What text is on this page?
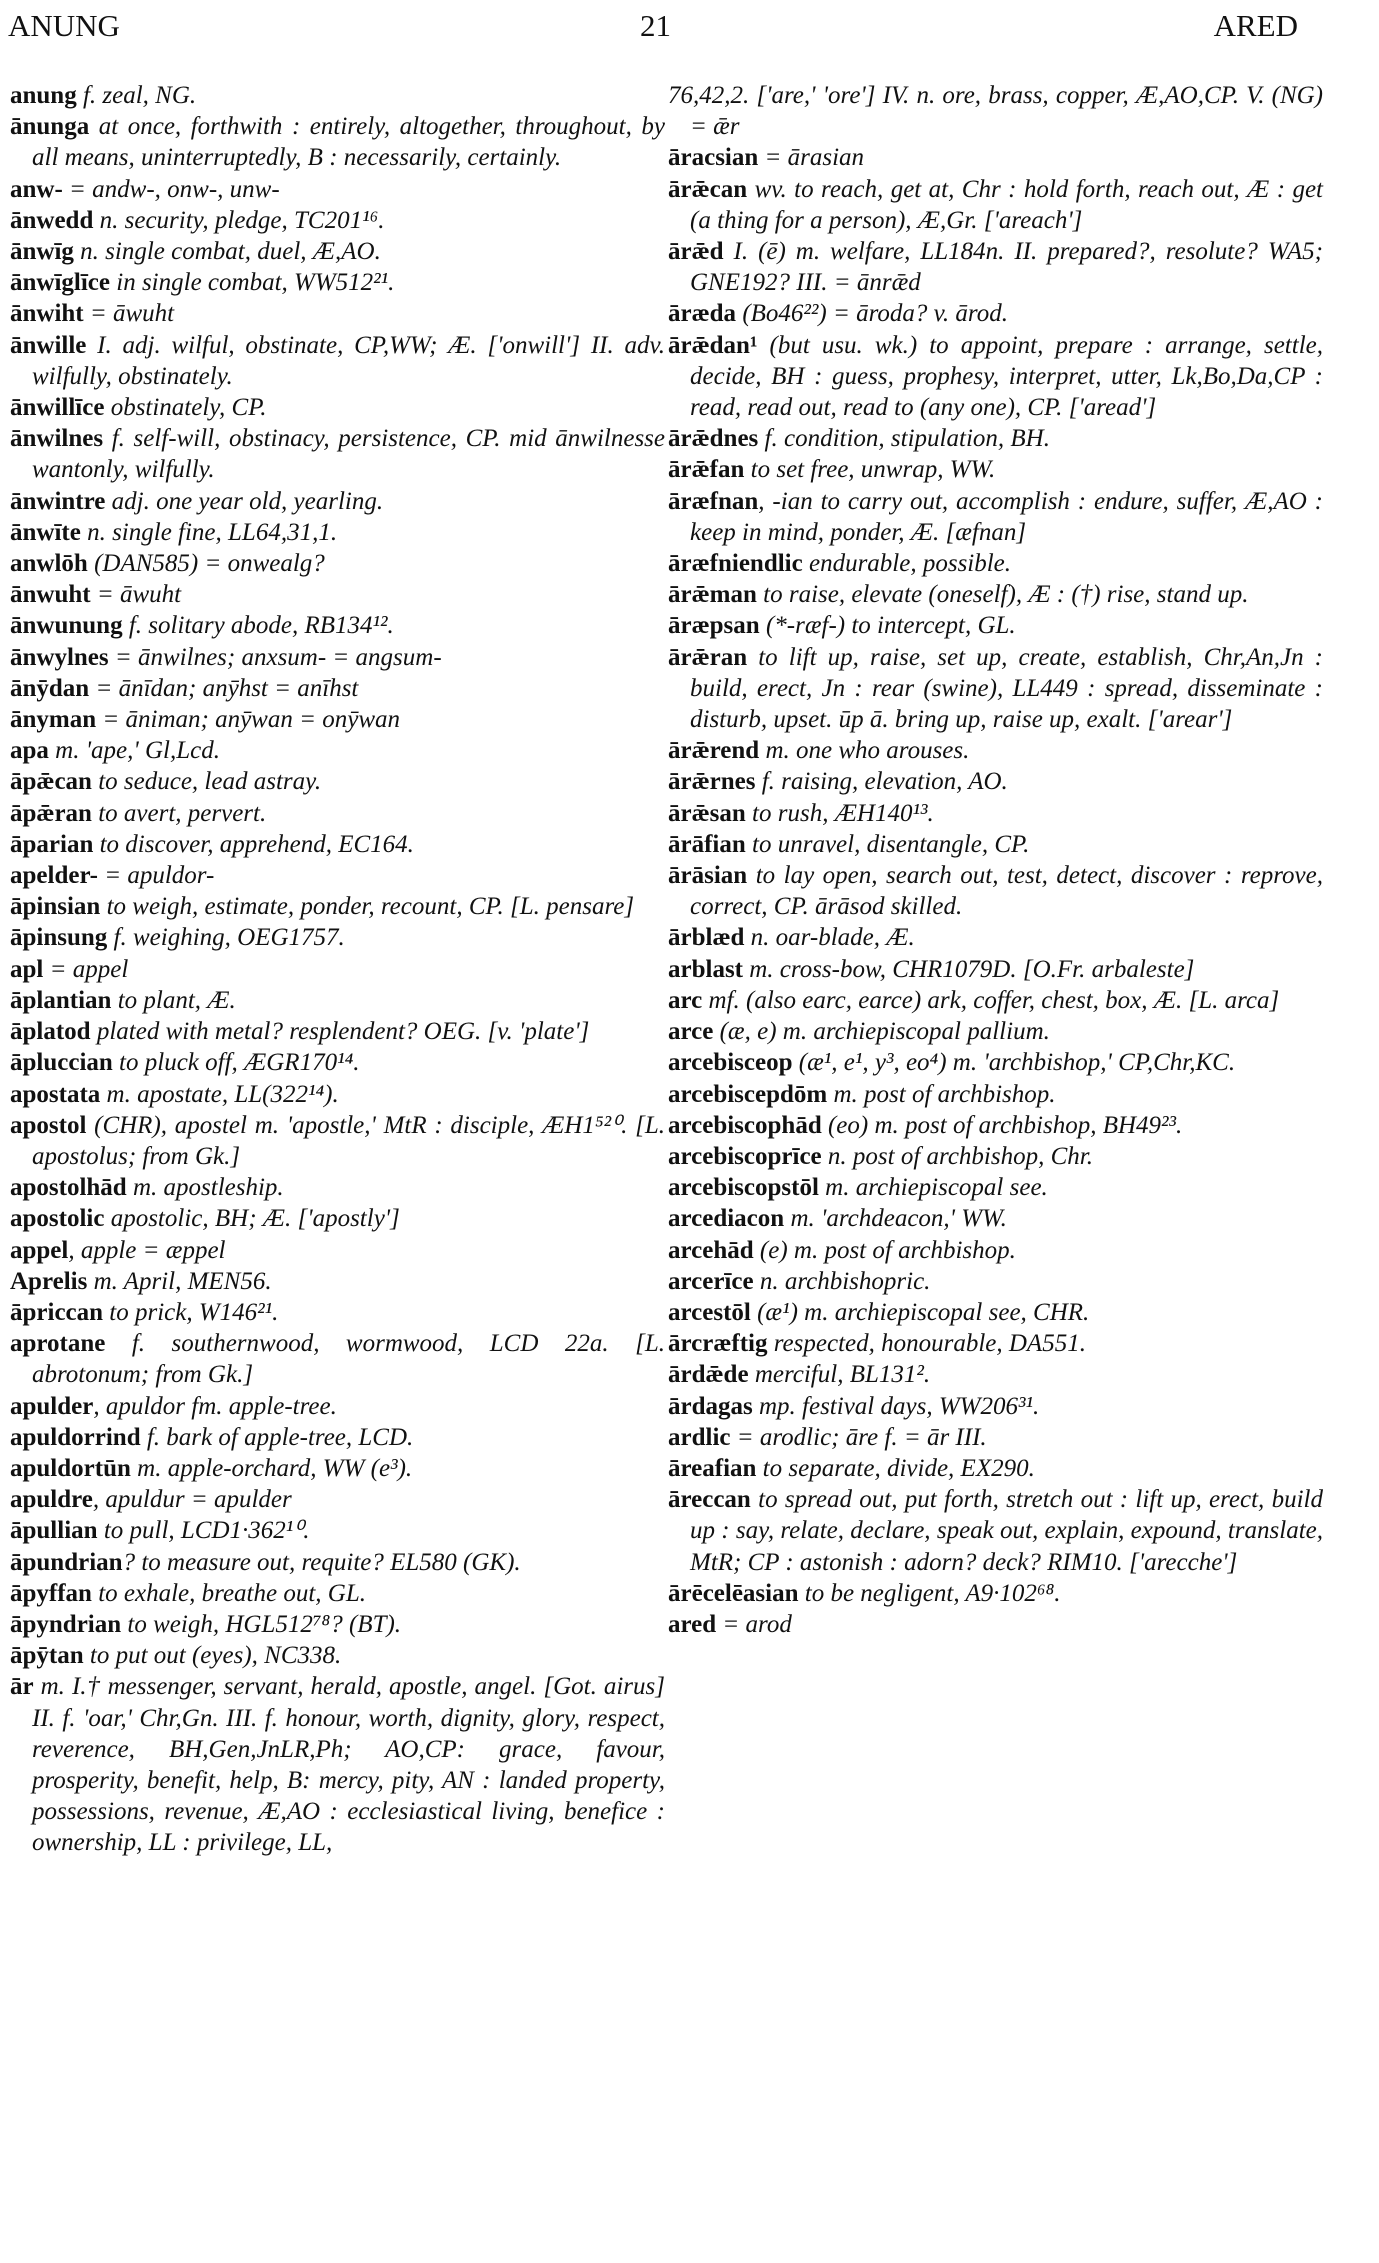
ANUNG	21	ARED
anung f. zeal, NG.
ānunga at once, forthwith : entirely, altogether, throughout, by all means, uninterruptedly, B : necessarily, certainly.
anw- = andw-, onw-, unw-
ānwedd n. security, pledge, TC201¹⁶.
ānwīg n. single combat, duel, Æ,AO.
ānwīglīce in single combat, WW512²¹.
ānwiht = āwuht
ānwille I. adj. wilful, obstinate, CP,WW; Æ. ['onwill'] II. adv. wilfully, obstinately.
ānwillīce obstinately, CP.
ānwilnes f. self-will, obstinacy, persistence, CP. mid ānwilnesse wantonly, wilfully.
ānwintre adj. one year old, yearling.
ānwīte n. single fine, LL64,31,1.
anwlōh (DAN585) = onwealg?
ānwuht = āwuht
ānwunung f. solitary abode, RB134¹².
ānwylnes = ānwilnes; anxsum- = angsum-
ānȳdan = ānīdan; anȳhst = anīhst
ānyman = āniman; anȳwan = onȳwan
apa m. 'ape,' Gl,Lcd.
āpǣcan to seduce, lead astray.
āpǣran to avert, pervert.
āparian to discover, apprehend, EC164.
apelder- = apuldor-
āpinsian to weigh, estimate, ponder, recount, CP. [L. pensare]
āpinsung f. weighing, OEG1757.
apl = appel
āplantian to plant, Æ.
āplatod plated with metal? resplendent? OEG. [v. 'plate']
āpluccian to pluck off, ÆGR170¹⁴.
apostata m. apostate, LL(322¹⁴).
apostol (CHR), apostel m. 'apostle,' MtR : disciple, ÆH1⁵²⁰. [L. apostolus; from Gk.]
apostolhād m. apostleship.
apostolic apostolic, BH; Æ. ['apostly']
appel, apple = æppel
Aprelis m. April, MEN56.
āpriccan to prick, W146²¹.
aprotane f. southernwood, wormwood, LCD 22a. [L. abrotonum; from Gk.]
apulder, apuldor fm. apple-tree.
apuldorrind f. bark of apple-tree, LCD.
apuldortūn m. apple-orchard, WW (e³).
apuldre, apuldur = apulder
āpullian to pull, LCD1·362¹⁰.
āpundrian? to measure out, requite? EL580 (GK).
āpyffan to exhale, breathe out, GL.
āpyndrian to weigh, HGL512⁷⁸? (BT).
āpȳtan to put out (eyes), NC338.
ār m. I.† messenger, servant, herald, apostle, angel. [Got. airus] II. f. 'oar,' Chr,Gn. III. f. honour, worth, dignity, glory, respect, reverence, BH,Gen,JnLR,Ph; AO,CP: grace, favour, prosperity, benefit, help, B: mercy, pity, AN : landed property, possessions, revenue, Æ,AO : ecclesiastical living, benefice : ownership, LL : privilege, LL,
76,42,2. ['are,' 'ore'] IV. n. ore, brass, copper, Æ,AO,CP. V. (NG) = ǣr
āracsian = ārasian
ārǣcan wv. to reach, get at, Chr : hold forth, reach out, Æ : get (a thing for a person), Æ,Gr. ['areach']
ārǣd I. (ē) m. welfare, LL184n. II. prepared?, resolute? WA5; GNE192? III. = ānrǣd
āræda (Bo46²²) = āroda? v. ārod.
ārǣdan¹ (but usu. wk.) to appoint, prepare : arrange, settle, decide, BH : guess, prophesy, interpret, utter, Lk,Bo,Da,CP : read, read out, read to (any one), CP. ['aread']
ārǣdnes f. condition, stipulation, BH.
ārǣfan to set free, unwrap, WW.
āræfnan, -ian to carry out, accomplish : endure, suffer, Æ,AO : keep in mind, ponder, Æ. [æfnan]
āræfniendlic endurable, possible.
ārǣman to raise, elevate (oneself), Æ : (†) rise, stand up.
āræpsan (*-ræf-) to intercept, GL.
ārǣran to lift up, raise, set up, create, establish, Chr,An,Jn : build, erect, Jn : rear (swine), LL449 : spread, disseminate : disturb, upset. ūp ā. bring up, raise up, exalt. ['arear']
ārǣrend m. one who arouses.
ārǣrnes f. raising, elevation, AO.
ārǣsan to rush, ÆH140¹³.
ārāfian to unravel, disentangle, CP.
ārāsian to lay open, search out, test, detect, discover : reprove, correct, CP. ārāsod skilled.
ārblæd n. oar-blade, Æ.
arblast m. cross-bow, CHR1079D. [O.Fr. arbaleste]
arc mf. (also earc, earce) ark, coffer, chest, box, Æ. [L. arca]
arce (æ, e) m. archiepiscopal pallium.
arcebisceop (æ¹, e¹, y³, eo⁴) m. 'archbishop,' CP,Chr,KC.
arcebiscepdōm m. post of archbishop.
arcebiscophād (eo) m. post of archbishop, BH49²³.
arcebiscoprīce n. post of archbishop, Chr.
arcebiscopstōl m. archiepiscopal see.
arcediacon m. 'archdeacon,' WW.
arcehād (e) m. post of archbishop.
arcerīce n. archbishopric.
arcestōl (æ¹) m. archiepiscopal see, CHR.
ārcræftig respected, honourable, DA551.
ārdǣde merciful, BL131².
ārdagas mp. festival days, WW206³¹.
ardlic = arodlic; āre f. = ār III.
āreafian to separate, divide, EX290.
āreccan to spread out, put forth, stretch out : lift up, erect, build up : say, relate, declare, speak out, explain, expound, translate, MtR; CP : astonish : adorn? deck? RIM10. ['arecche']
ārēcelēasian to be negligent, A9·102⁶⁸.
ared = arod
